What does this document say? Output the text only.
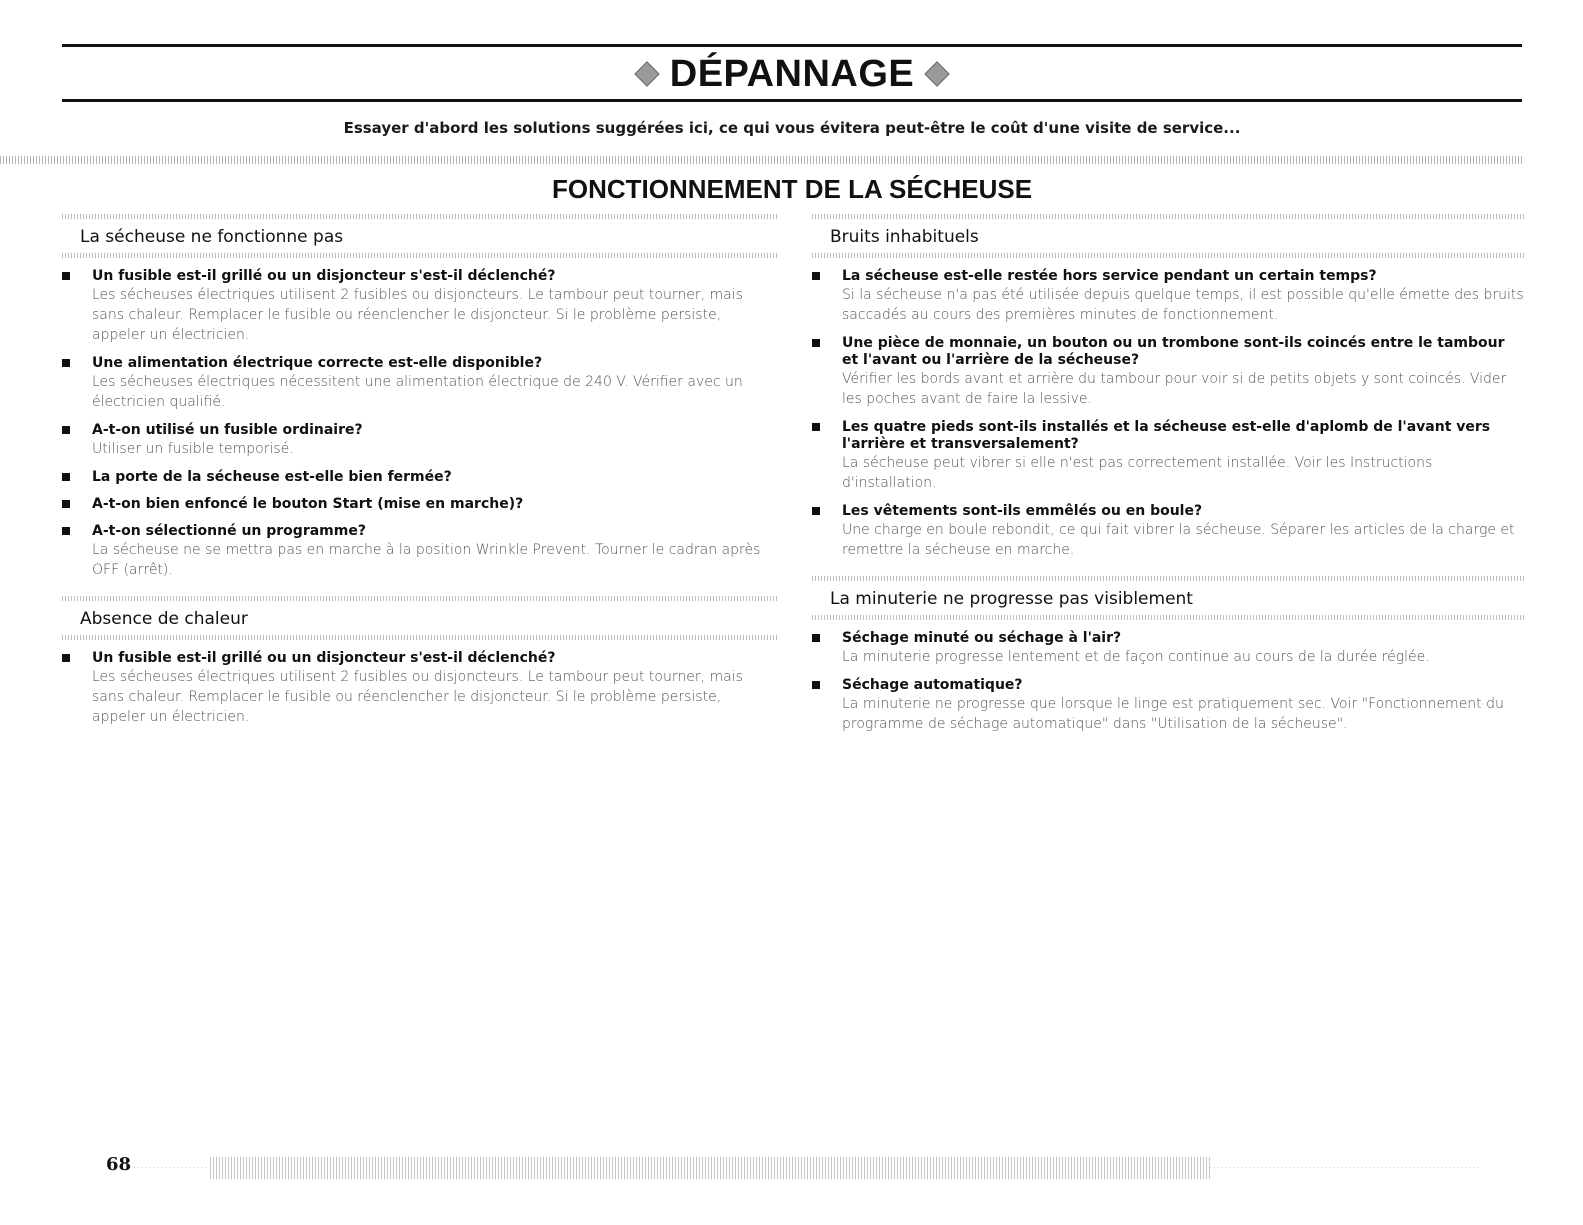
DÉPANNAGE
Essayer d'abord les solutions suggérées ici, ce qui vous évitera peut-être le coût d'une visite de service...
FONCTIONNEMENT DE LA SÉCHEUSE
La sécheuse ne fonctionne pas
Un fusible est-il grillé ou un disjoncteur s'est-il déclenché?
Les sécheuses électriques utilisent 2 fusibles ou disjoncteurs. Le tambour peut tourner, mais sans chaleur. Remplacer le fusible ou réenclencher le disjoncteur. Si le problème persiste, appeler un électricien.
Une alimentation électrique correcte est-elle disponible?
Les sécheuses électriques nécessitent une alimentation électrique de 240 V. Vérifier avec un électricien qualifié.
A-t-on utilisé un fusible ordinaire?
Utiliser un fusible temporisé.
La porte de la sécheuse est-elle bien fermée?
A-t-on bien enfoncé le bouton Start (mise en marche)?
A-t-on sélectionné un programme?
La sécheuse ne se mettra pas en marche à la position Wrinkle Prevent. Tourner le cadran après OFF (arrêt).
Absence de chaleur
Un fusible est-il grillé ou un disjoncteur s'est-il déclenché?
Les sécheuses électriques utilisent 2 fusibles ou disjoncteurs. Le tambour peut tourner, mais sans chaleur. Remplacer le fusible ou réenclencher le disjoncteur. Si le problème persiste, appeler un électricien.
Bruits inhabituels
La sécheuse est-elle restée hors service pendant un certain temps?
Si la sécheuse n'a pas été utilisée depuis quelque temps, il est possible qu'elle émette des bruits saccadés au cours des premières minutes de fonctionnement.
Une pièce de monnaie, un bouton ou un trombone sont-ils coincés entre le tambour et l'avant ou l'arrière de la sécheuse?
Vérifier les bords avant et arrière du tambour pour voir si de petits objets y sont coincés. Vider les poches avant de faire la lessive.
Les quatre pieds sont-ils installés et la sécheuse est-elle d'aplomb de l'avant vers l'arrière et transversalement?
La sécheuse peut vibrer si elle n'est pas correctement installée. Voir les Instructions d'installation.
Les vêtements sont-ils emmêlés ou en boule?
Une charge en boule rebondit, ce qui fait vibrer la sécheuse. Séparer les articles de la charge et remettre la sécheuse en marche.
La minuterie ne progresse pas visiblement
Séchage minuté ou séchage à l'air?
La minuterie progresse lentement et de façon continue au cours de la durée réglée.
Séchage automatique?
La minuterie ne progresse que lorsque le linge est pratiquement sec. Voir "Fonctionnement du programme de séchage automatique" dans "Utilisation de la sécheuse".
68
